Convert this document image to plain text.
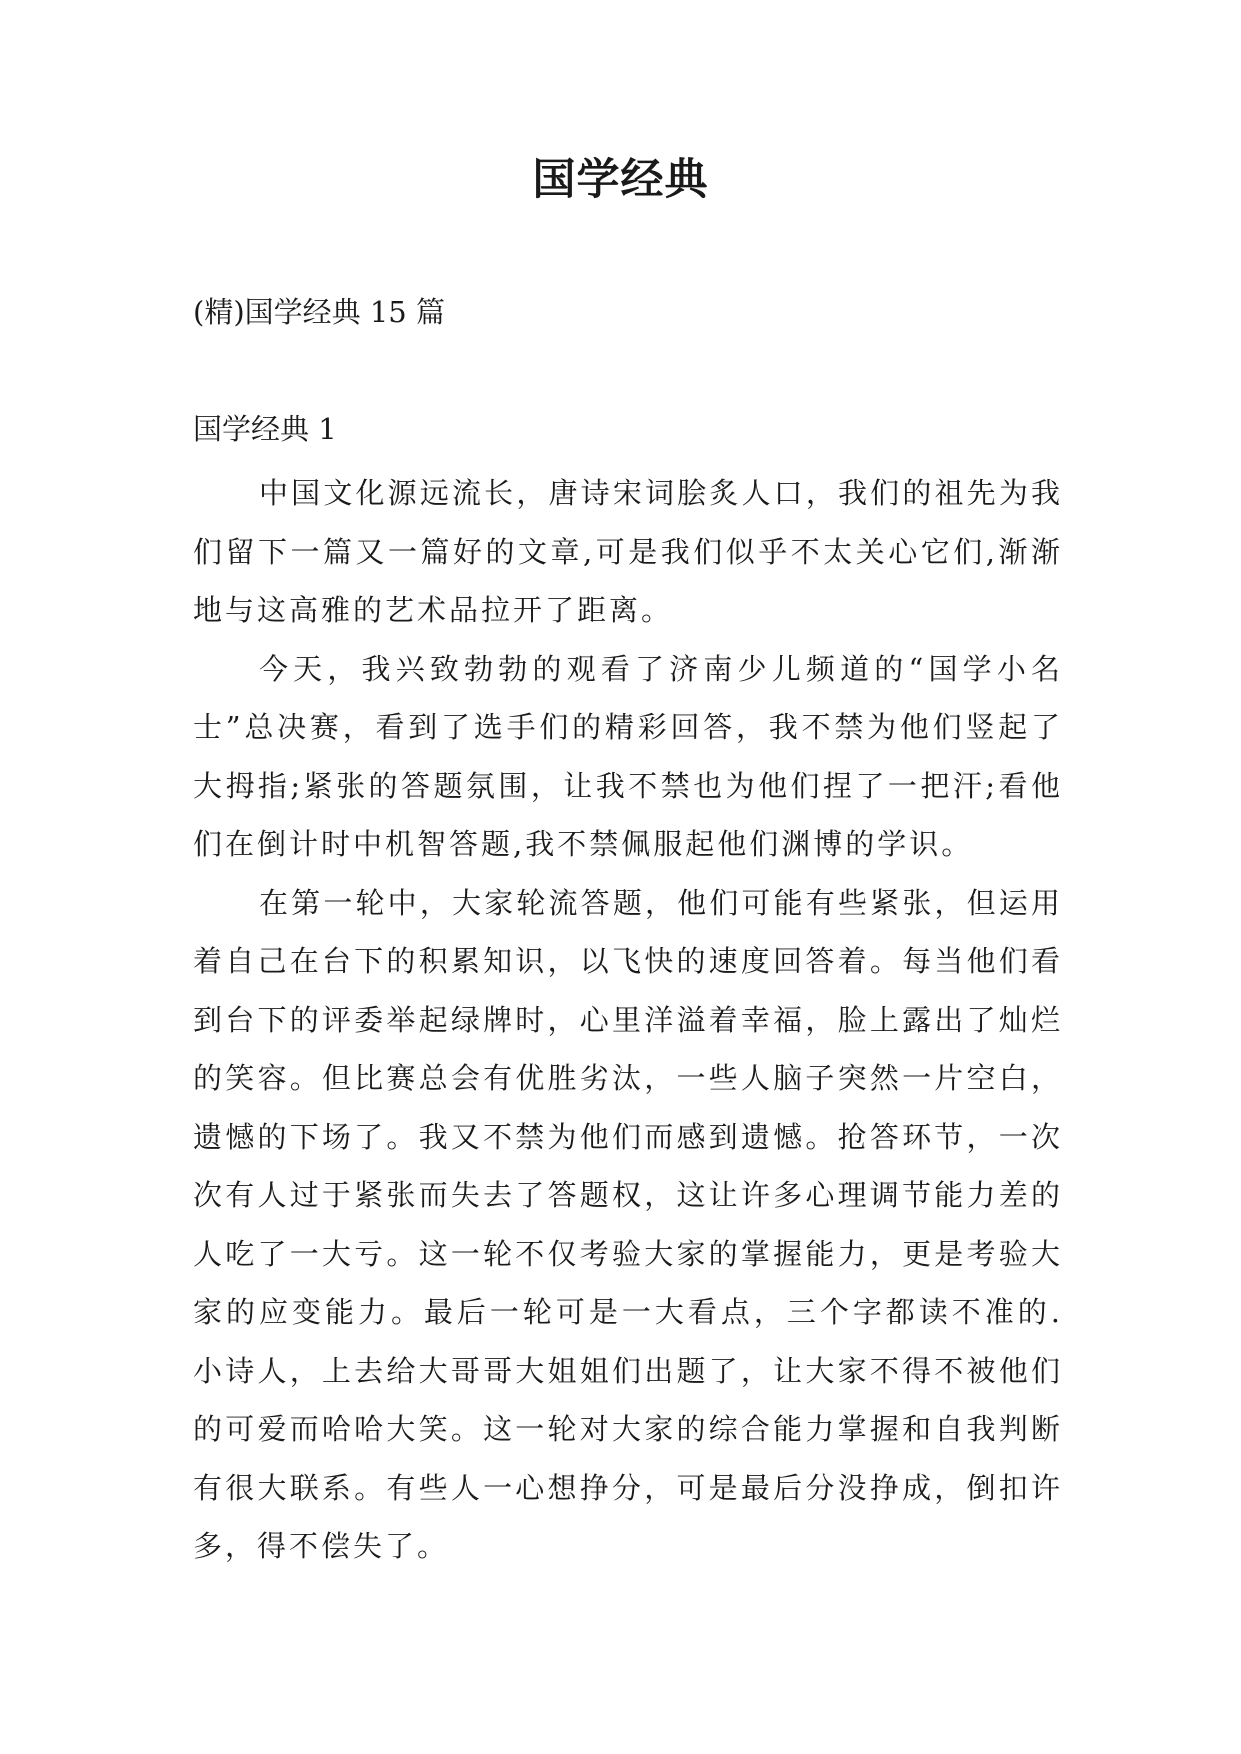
国学经典

(精)国学经典 15 篇

国学经典 1

中国文化源远流长，唐诗宋词脍炙人口，我们的祖先为我们留下一篇又一篇好的文章,可是我们似乎不太关心它们,渐渐地与这高雅的艺术品拉开了距离。

今天，我兴致勃勃的观看了济南少儿频道的“国学小名士”总决赛，看到了选手们的精彩回答，我不禁为他们竖起了大拇指;紧张的答题氛围，让我不禁也为他们捏了一把汗;看他们在倒计时中机智答题,我不禁佩服起他们渊博的学识。

在第一轮中，大家轮流答题，他们可能有些紧张，但运用着自己在台下的积累知识，以飞快的速度回答着。每当他们看到台下的评委举起绿牌时，心里洋溢着幸福，脸上露出了灿烂的笑容。但比赛总会有优胜劣汰，一些人脑子突然一片空白，遗憾的下场了。我又不禁为他们而感到遗憾。抢答环节，一次次有人过于紧张而失去了答题权，这让许多心理调节能力差的人吃了一大亏。这一轮不仅考验大家的掌握能力，更是考验大家的应变能力。最后一轮可是一大看点，三个字都读不准的.小诗人，上去给大哥哥大姐姐们出题了，让大家不得不被他们的可爱而哈哈大笑。这一轮对大家的综合能力掌握和自我判断有很大联系。有些人一心想挣分，可是最后分没挣成，倒扣许多，得不偿失了。
